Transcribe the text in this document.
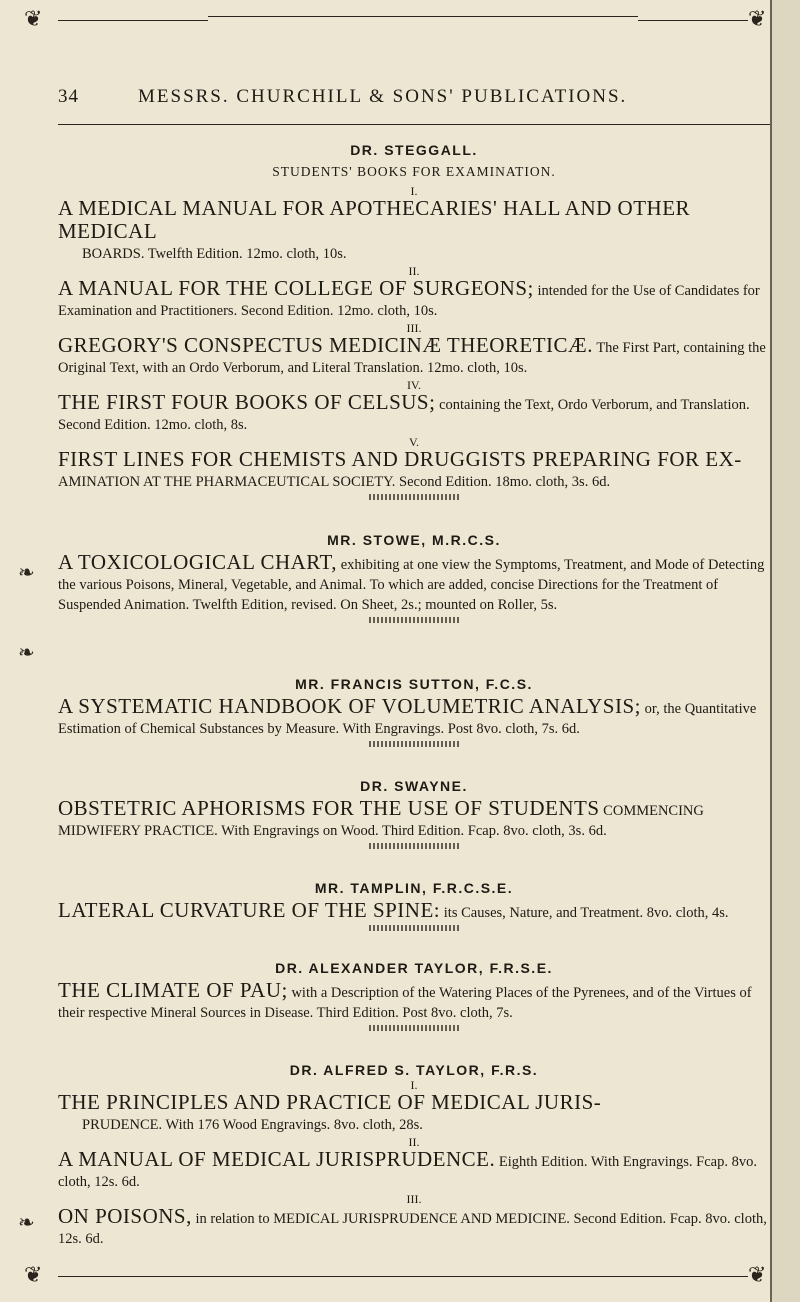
❦	❦
34	MESSRS. CHURCHILL & SONS' PUBLICATIONS.
❧
❧
❧
DR. STEGGALL.
STUDENTS' BOOKS FOR EXAMINATION.
I.
A MEDICAL MANUAL FOR APOTHECARIES' HALL AND OTHER MEDICAL
BOARDS. Twelfth Edition. 12mo. cloth, 10s.
II.
A MANUAL FOR THE COLLEGE OF SURGEONS; intended for the Use of Candidates for Examination and Practitioners. Second Edition. 12mo. cloth, 10s.
III.
GREGORY'S CONSPECTUS MEDICINÆ THEORETICÆ. The First Part, containing the Original Text, with an Ordo Verborum, and Literal Translation. 12mo. cloth, 10s.
IV.
THE FIRST FOUR BOOKS OF CELSUS; containing the Text, Ordo Verborum, and Translation. Second Edition. 12mo. cloth, 8s.
V.
FIRST LINES FOR CHEMISTS AND DRUGGISTS PREPARING FOR EX- AMINATION AT THE PHARMACEUTICAL SOCIETY. Second Edition. 18mo. cloth, 3s. 6d.
MR. STOWE, M.R.C.S.
A TOXICOLOGICAL CHART, exhibiting at one view the Symptoms, Treatment, and Mode of Detecting the various Poisons, Mineral, Vegetable, and Animal. To which are added, concise Directions for the Treatment of Suspended Animation. Twelfth Edition, revised. On Sheet, 2s.; mounted on Roller, 5s.
MR. FRANCIS SUTTON, F.C.S.
A SYSTEMATIC HANDBOOK OF VOLUMETRIC ANALYSIS; or, the Quantitative Estimation of Chemical Substances by Measure. With Engravings. Post 8vo. cloth, 7s. 6d.
DR. SWAYNE.
OBSTETRIC APHORISMS FOR THE USE OF STUDENTS COMMENCING MIDWIFERY PRACTICE. With Engravings on Wood. Third Edition. Fcap. 8vo. cloth, 3s. 6d.
MR. TAMPLIN, F.R.C.S.E.
LATERAL CURVATURE OF THE SPINE: its Causes, Nature, and Treatment. 8vo. cloth, 4s.
DR. ALEXANDER TAYLOR, F.R.S.E.
THE CLIMATE OF PAU; with a Description of the Watering Places of the Pyrenees, and of the Virtues of their respective Mineral Sources in Disease. Third Edition. Post 8vo. cloth, 7s.
DR. ALFRED S. TAYLOR, F.R.S.
I.
THE PRINCIPLES AND PRACTICE OF MEDICAL JURIS-
PRUDENCE. With 176 Wood Engravings. 8vo. cloth, 28s.
II.
A MANUAL OF MEDICAL JURISPRUDENCE. Eighth Edition. With Engravings. Fcap. 8vo. cloth, 12s. 6d.
III.
ON POISONS, in relation to MEDICAL JURISPRUDENCE AND MEDICINE. Second Edition. Fcap. 8vo. cloth, 12s. 6d.
❦	❦
